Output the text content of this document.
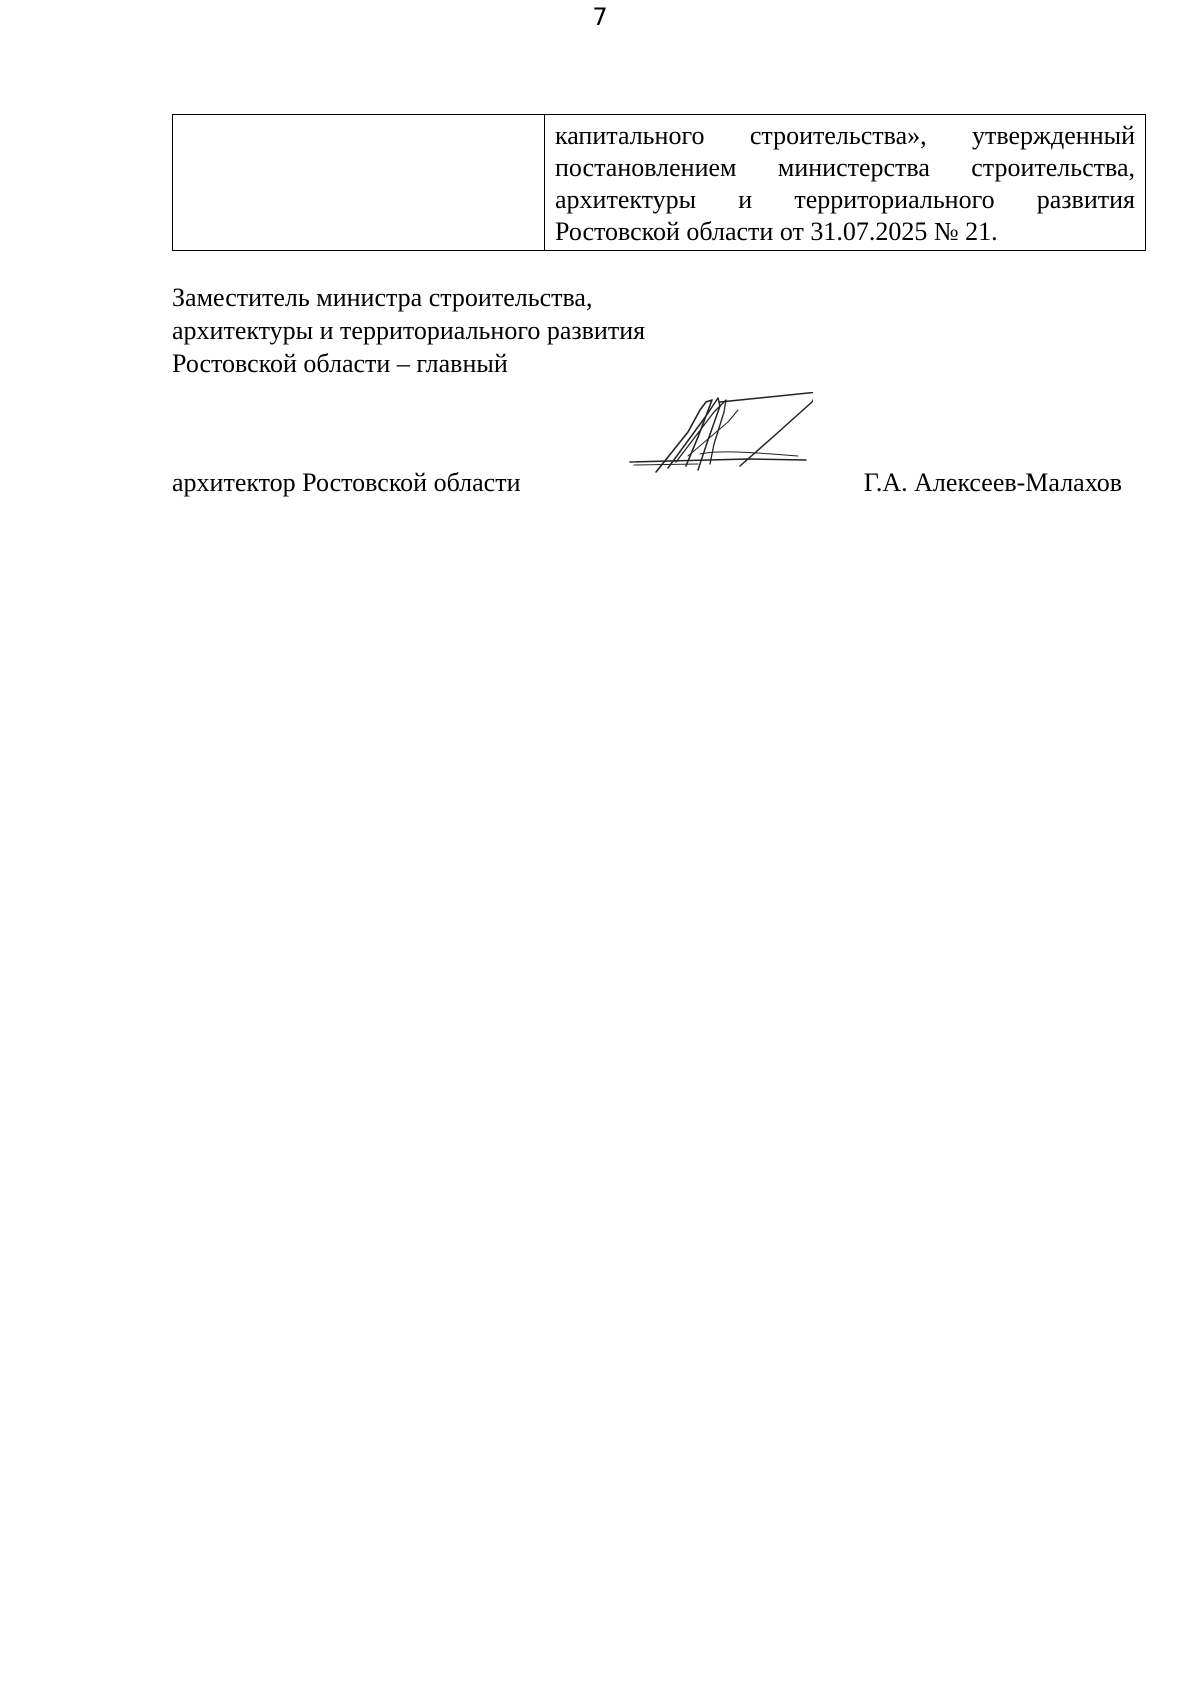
7

капитального строительства», утвержденный
постановлением министерства строительства,
архитектуры и территориального развития
Ростовской области от 31.07.2025 № 21.
Заместитель министра строительства,
архитектуры и территориального развития
Ростовской области – главный
архитектор Ростовской области	Г.А. Алексеев-Малахов
